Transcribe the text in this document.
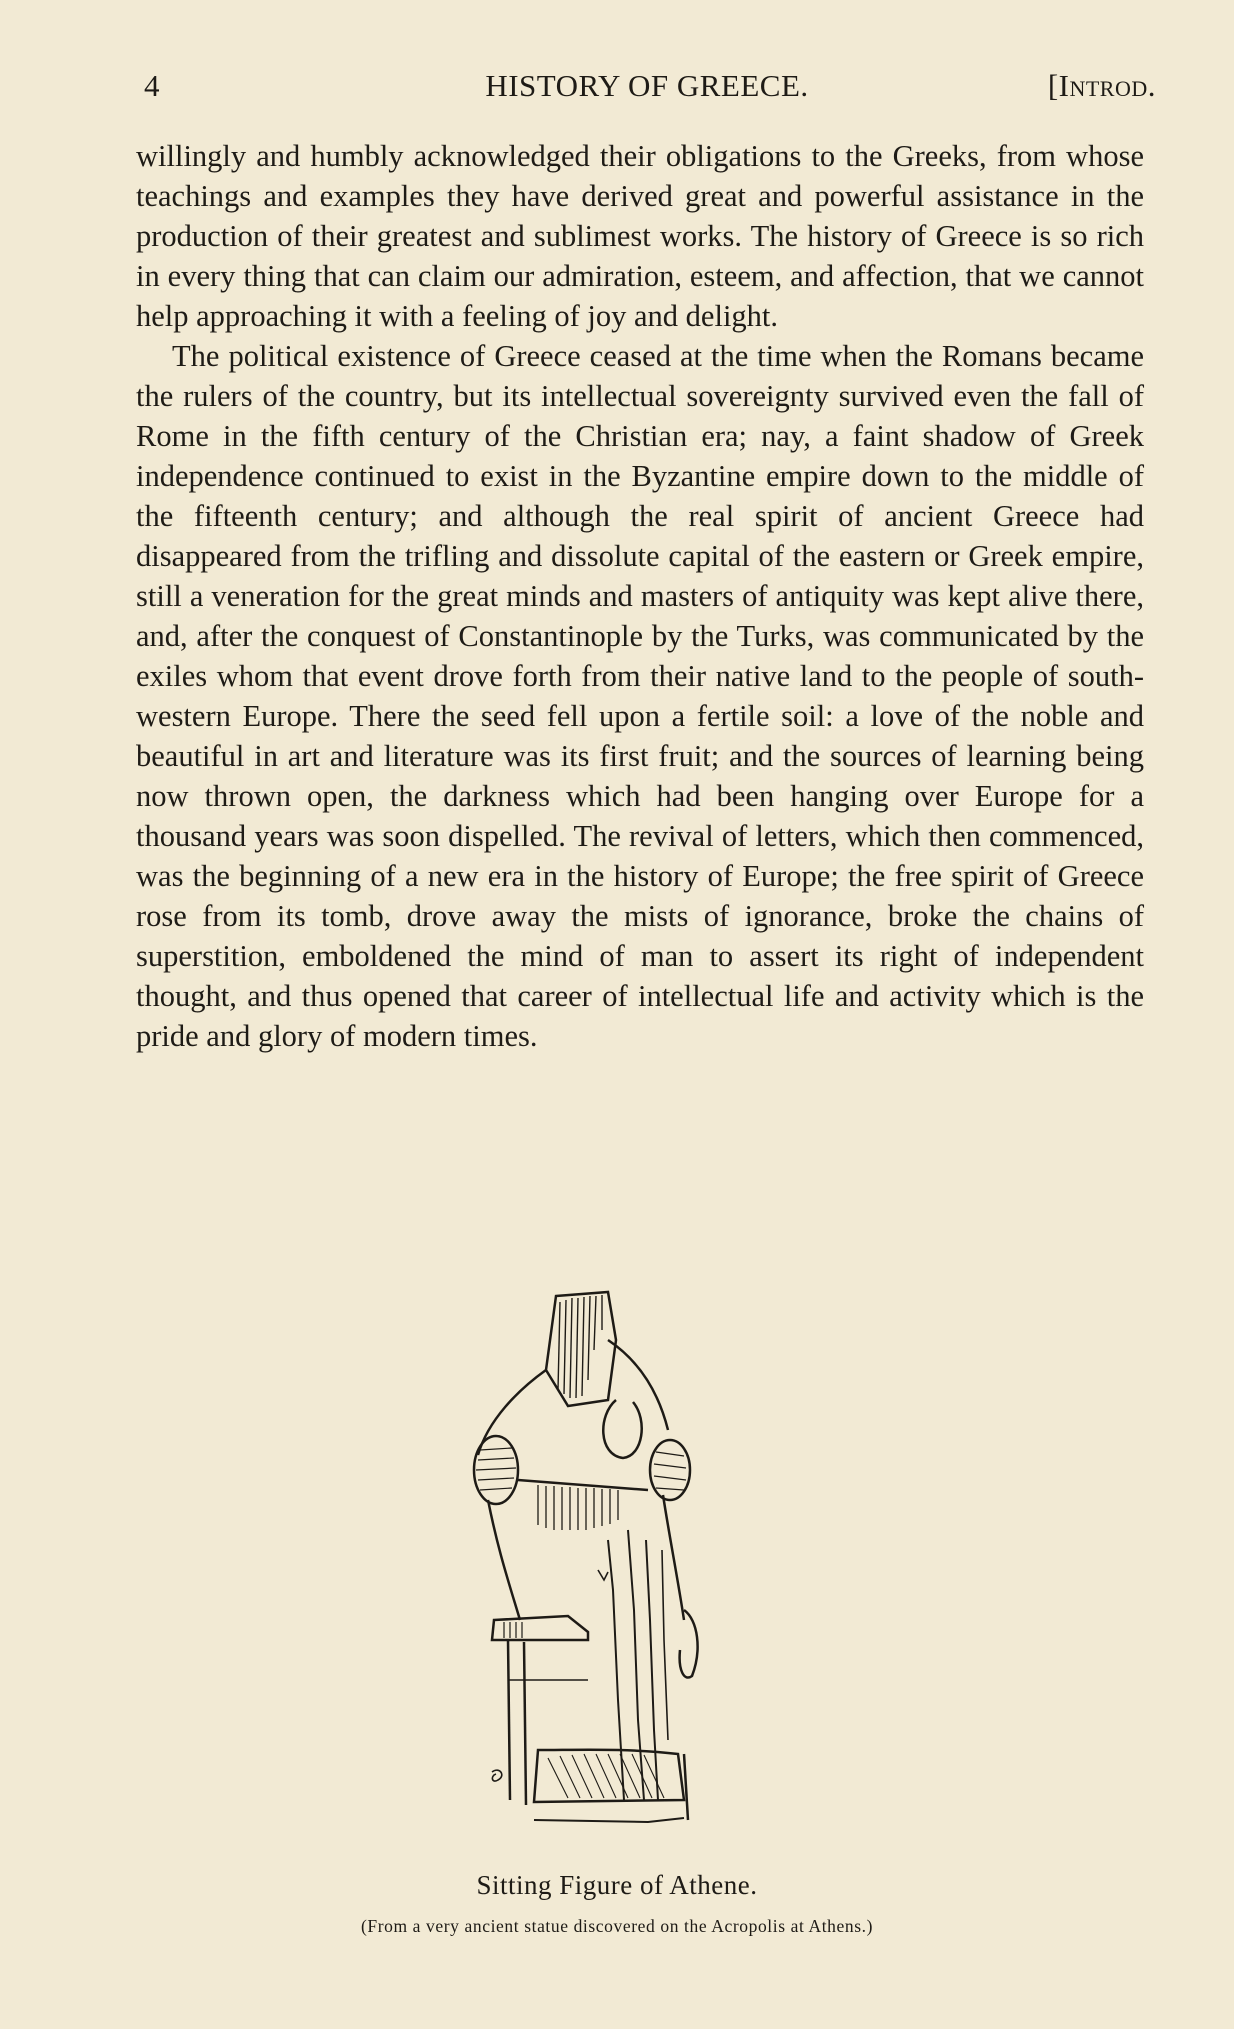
4	HISTORY OF GREECE.	[Introd.

willingly and humbly acknowledged their obligations to the Greeks, from whose teachings and examples they have derived great and powerful assistance in the production of their greatest and sublimest works. The history of Greece is so rich in every thing that can claim our admiration, esteem, and affection, that we cannot help approaching it with a feeling of joy and delight.

The political existence of Greece ceased at the time when the Romans became the rulers of the country, but its intellectual sovereignty survived even the fall of Rome in the fifth century of the Christian era; nay, a faint shadow of Greek independence continued to exist in the Byzantine empire down to the middle of the fifteenth century; and although the real spirit of ancient Greece had disappeared from the trifling and dissolute capital of the eastern or Greek empire, still a veneration for the great minds and masters of antiquity was kept alive there, and, after the conquest of Constantinople by the Turks, was communicated by the exiles whom that event drove forth from their native land to the people of south-western Europe. There the seed fell upon a fertile soil: a love of the noble and beautiful in art and literature was its first fruit; and the sources of learning being now thrown open, the darkness which had been hanging over Europe for a thousand years was soon dispelled. The revival of letters, which then commenced, was the beginning of a new era in the history of Europe; the free spirit of Greece rose from its tomb, drove away the mists of ignorance, broke the chains of superstition, emboldened the mind of man to assert its right of independent thought, and thus opened that career of intellectual life and activity which is the pride and glory of modern times.

Sitting Figure of Athene.
(From a very ancient statue discovered on the Acropolis at Athens.)
